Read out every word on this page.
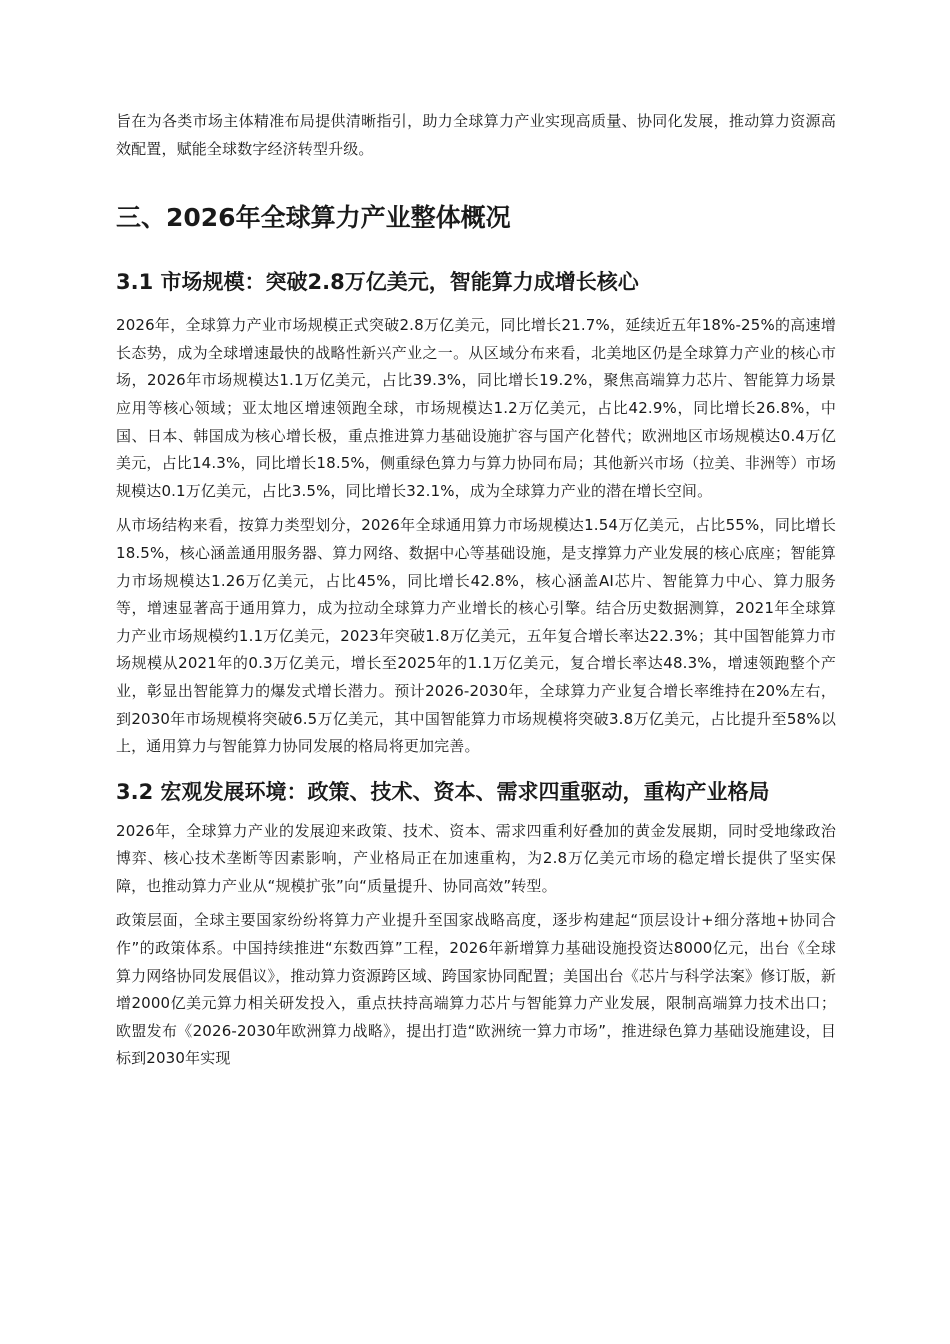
旨在为各类市场主体精准布局提供清晰指引，助力全球算力产业实现高质量、协同化发展，推动算力资源高效配置，赋能全球数字经济转型升级。

三、2026年全球算力产业整体概况
3.1 市场规模：突破2.8万亿美元，智能算力成增长核心

2026年，全球算力产业市场规模正式突破2.8万亿美元，同比增长21.7%，延续近五年18%-25%的高速增长态势，成为全球增速最快的战略性新兴产业之一。从区域分布来看，北美地区仍是全球算力产业的核心市场，2026年市场规模达1.1万亿美元，占比39.3%，同比增长19.2%，聚焦高端算力芯片、智能算力场景应用等核心领域；亚太地区增速领跑全球，市场规模达1.2万亿美元，占比42.9%，同比增长26.8%，中国、日本、韩国成为核心增长极，重点推进算力基础设施扩容与国产化替代；欧洲地区市场规模达0.4万亿美元，占比14.3%，同比增长18.5%，侧重绿色算力与算力协同布局；其他新兴市场（拉美、非洲等）市场规模达0.1万亿美元，占比3.5%，同比增长32.1%，成为全球算力产业的潜在增长空间。

从市场结构来看，按算力类型划分，2026年全球通用算力市场规模达1.54万亿美元，占比55%，同比增长18.5%，核心涵盖通用服务器、算力网络、数据中心等基础设施，是支撑算力产业发展的核心底座；智能算力市场规模达1.26万亿美元，占比45%，同比增长42.8%，核心涵盖AI芯片、智能算力中心、算力服务等，增速显著高于通用算力，成为拉动全球算力产业增长的核心引擎。结合历史数据测算，2021年全球算力产业市场规模约1.1万亿美元，2023年突破1.8万亿美元，五年复合增长率达22.3%；其中国智能算力市场规模从2021年的0.3万亿美元，增长至2025年的1.1万亿美元，复合增长率达48.3%，增速领跑整个产业，彰显出智能算力的爆发式增长潜力。预计2026-2030年，全球算力产业复合增长率维持在20%左右，到2030年市场规模将突破6.5万亿美元，其中国智能算力市场规模将突破3.8万亿美元，占比提升至58%以上，通用算力与智能算力协同发展的格局将更加完善。

3.2 宏观发展环境：政策、技术、资本、需求四重驱动，重构产业格局

2026年，全球算力产业的发展迎来政策、技术、资本、需求四重利好叠加的黄金发展期，同时受地缘政治博弈、核心技术垄断等因素影响，产业格局正在加速重构，为2.8万亿美元市场的稳定增长提供了坚实保障，也推动算力产业从“规模扩张”向“质量提升、协同高效”转型。

政策层面，全球主要国家纷纷将算力产业提升至国家战略高度，逐步构建起“顶层设计+细分落地+协同合作”的政策体系。中国持续推进“东数西算”工程，2026年新增算力基础设施投资达8000亿元，出台《全球算力网络协同发展倡议》，推动算力资源跨区域、跨国家协同配置；美国出台《芯片与科学法案》修订版，新增2000亿美元算力相关研发投入，重点扶持高端算力芯片与智能算力产业发展，限制高端算力技术出口；欧盟发布《2026-2030年欧洲算力战略》，提出打造“欧洲统一算力市场”，推进绿色算力基础设施建设，目标到2030年实现
